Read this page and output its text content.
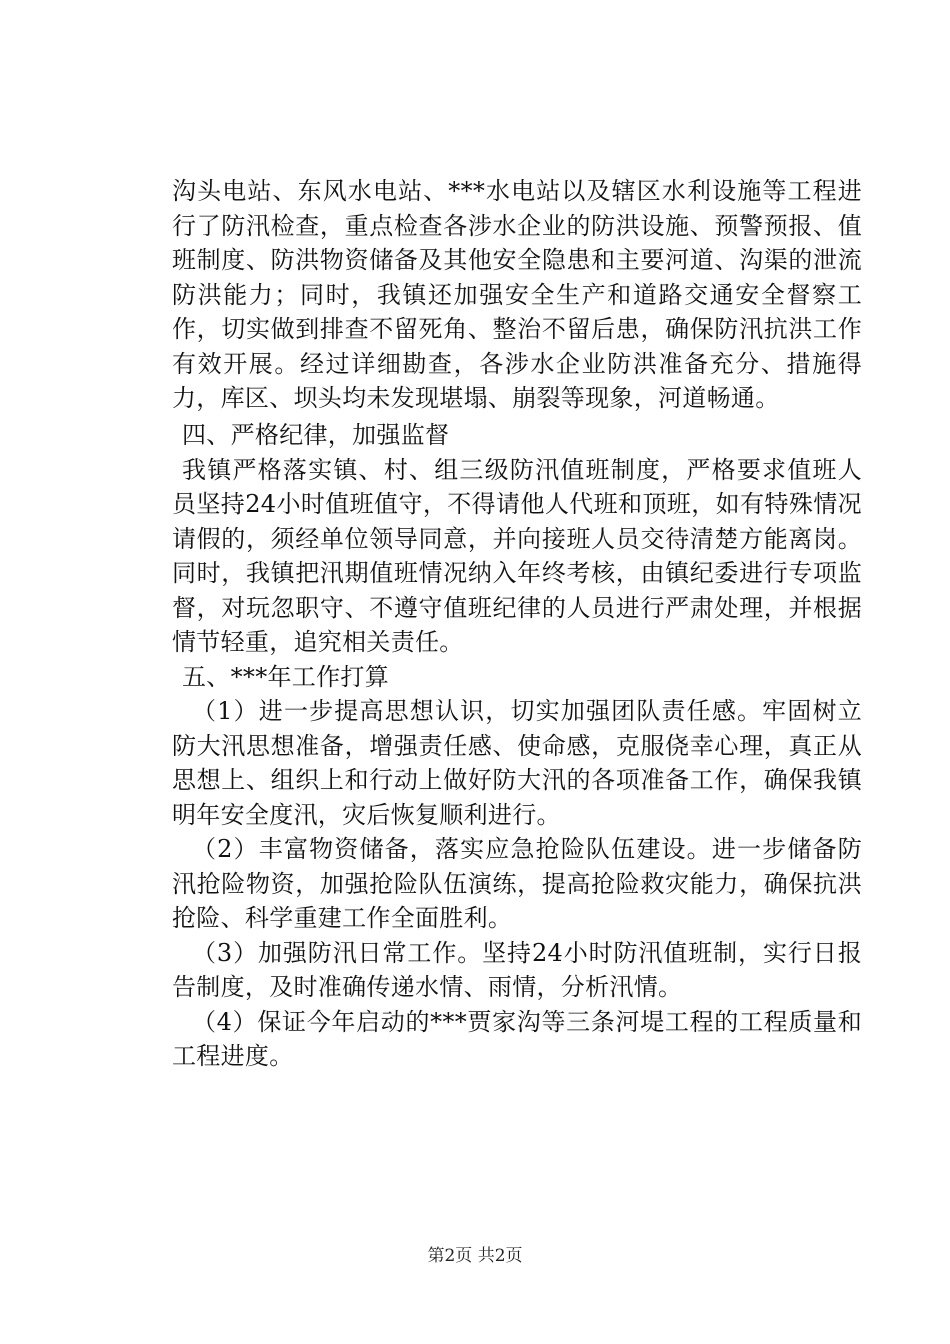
沟头电站、东风水电站、***水电站以及辖区水利设施等工程进行了防汛检查，重点检查各涉水企业的防洪设施、预警预报、值班制度、防洪物资储备及其他安全隐患和主要河道、沟渠的泄流防洪能力；同时，我镇还加强安全生产和道路交通安全督察工作，切实做到排查不留死角、整治不留后患，确保防汛抗洪工作有效开展。经过详细勘查，各涉水企业防洪准备充分、措施得力，库区、坝头均未发现堪塌、崩裂等现象，河道畅通。

四、严格纪律，加强监督

我镇严格落实镇、村、组三级防汛值班制度，严格要求值班人员坚持24小时值班值守，不得请他人代班和顶班，如有特殊情况请假的，须经单位领导同意，并向接班人员交待清楚方能离岗。同时，我镇把汛期值班情况纳入年终考核，由镇纪委进行专项监督，对玩忽职守、不遵守值班纪律的人员进行严肃处理，并根据情节轻重，追究相关责任。

五、***年工作打算

（1）进一步提高思想认识，切实加强团队责任感。牢固树立防大汛思想准备，增强责任感、使命感，克服侥幸心理，真正从思想上、组织上和行动上做好防大汛的各项准备工作，确保我镇明年安全度汛，灾后恢复顺利进行。

（2）丰富物资储备，落实应急抢险队伍建设。进一步储备防汛抢险物资，加强抢险队伍演练，提高抢险救灾能力，确保抗洪抢险、科学重建工作全面胜利。

（3）加强防汛日常工作。坚持24小时防汛值班制，实行日报告制度，及时准确传递水情、雨情，分析汛情。

（4）保证今年启动的***贾家沟等三条河堤工程的工程质量和工程进度。

第2页 共2页
